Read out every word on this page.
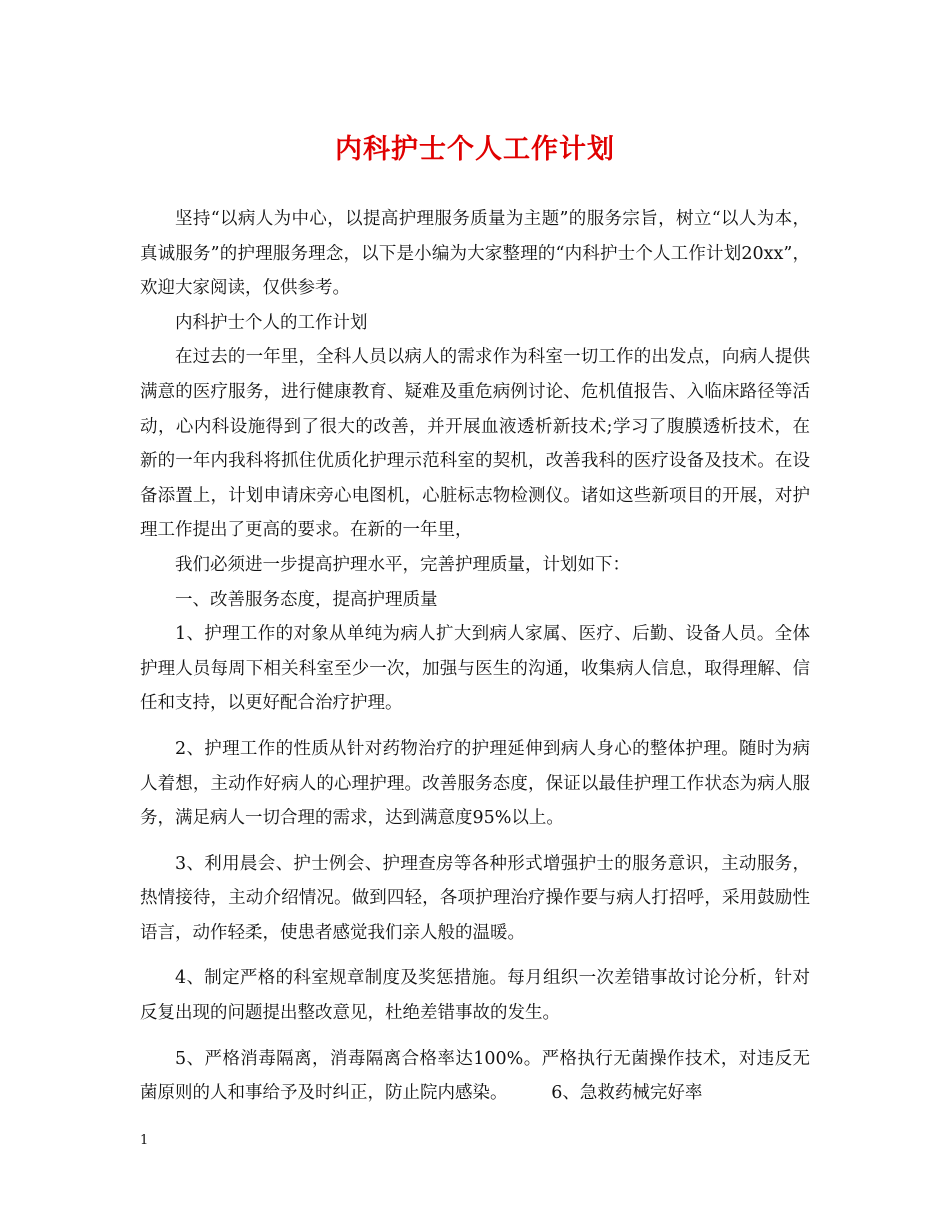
内科护士个人工作计划

坚持“以病人为中心，以提高护理服务质量为主题”的服务宗旨，树立“以人为本，真诚服务”的护理服务理念，以下是小编为大家整理的“内科护士个人工作计划20xx”，欢迎大家阅读，仅供参考。

内科护士个人的工作计划

在过去的一年里，全科人员以病人的需求作为科室一切工作的出发点，向病人提供满意的医疗服务，进行健康教育、疑难及重危病例讨论、危机值报告、入临床路径等活动，心内科设施得到了很大的改善，并开展血液透析新技术;学习了腹膜透析技术，在新的一年内我科将抓住优质化护理示范科室的契机，改善我科的医疗设备及技术。在设备添置上，计划申请床旁心电图机，心脏标志物检测仪。诸如这些新项目的开展，对护理工作提出了更高的要求。在新的一年里，

我们必须进一步提高护理水平，完善护理质量，计划如下：

一、改善服务态度，提高护理质量

1、护理工作的对象从单纯为病人扩大到病人家属、医疗、后勤、设备人员。全体护理人员每周下相关科室至少一次，加强与医生的沟通，收集病人信息，取得理解、信任和支持，以更好配合治疗护理。

2、护理工作的性质从针对药物治疗的护理延伸到病人身心的整体护理。随时为病人着想，主动作好病人的心理护理。改善服务态度，保证以最佳护理工作状态为病人服务，满足病人一切合理的需求，达到满意度95%以上。

3、利用晨会、护士例会、护理查房等各种形式增强护士的服务意识，主动服务，热情接待，主动介绍情况。做到四轻，各项护理治疗操作要与病人打招呼，采用鼓励性语言，动作轻柔，使患者感觉我们亲人般的温暖。

4、制定严格的科室规章制度及奖惩措施。每月组织一次差错事故讨论分析，针对反复出现的问题提出整改意见，杜绝差错事故的发生。

5、严格消毒隔离，消毒隔离合格率达100%。严格执行无菌操作技术，对违反无菌原则的人和事给予及时纠正，防止院内感染。　　　6、急救药械完好率

1
